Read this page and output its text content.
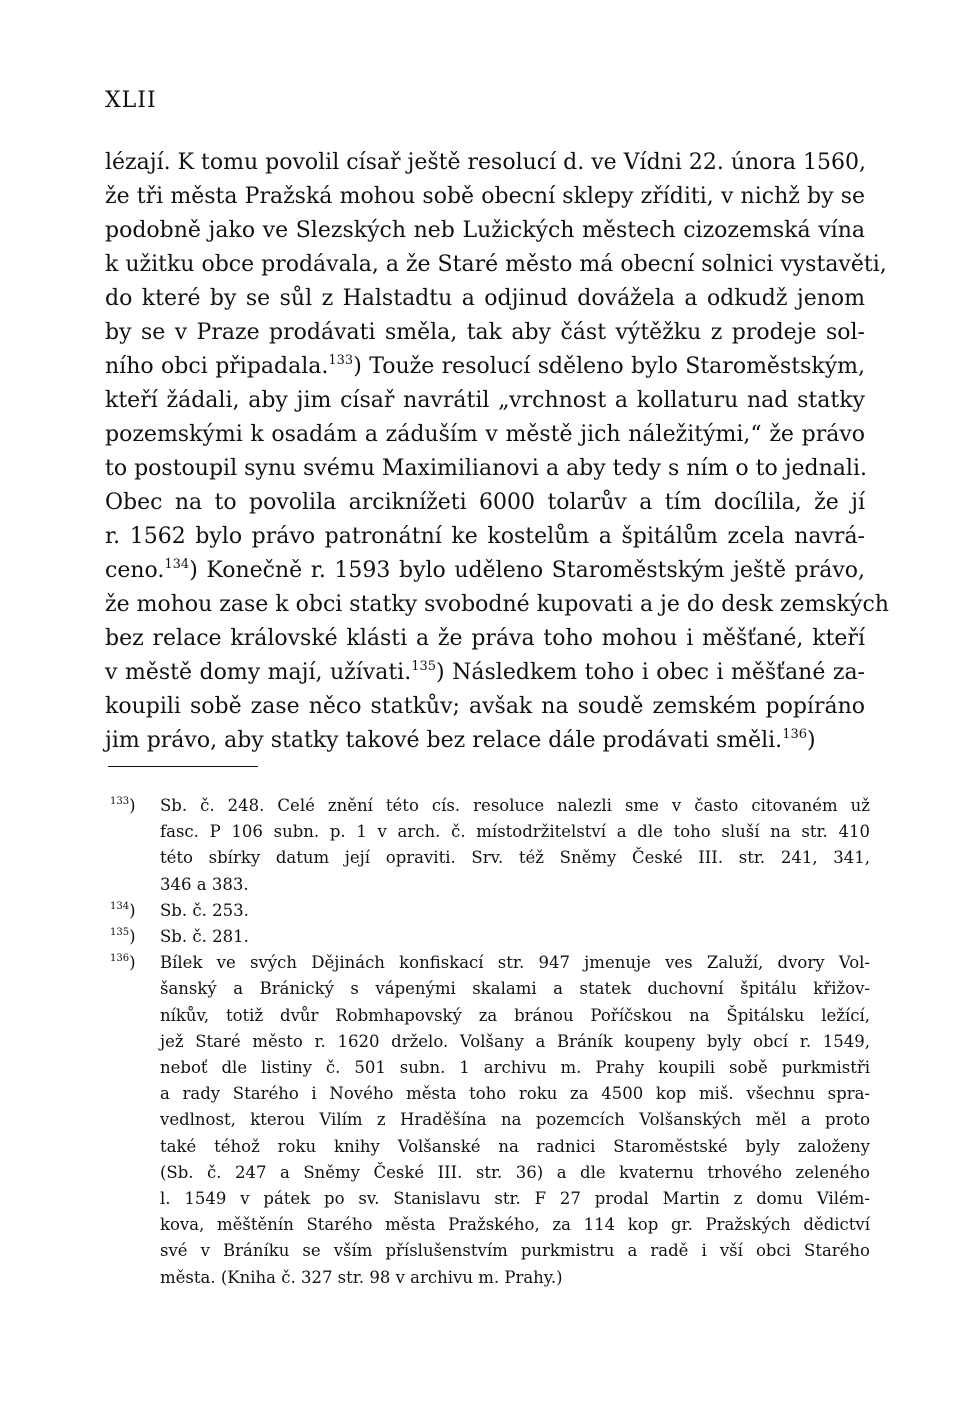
XLII
lézají. K tomu povolil císař ještě resolucí d. ve Vídni 22. února 1560,
že tři města Pražská mohou sobě obecní sklepy zříditi, v nichž by se
podobně jako ve Slezských neb Lužických městech cizozemská vína
k užitku obce prodávala, a že Staré město má obecní solnici vystavěti,
do které by se sůl z Halstadtu a odjinud dovážela a odkudž jenom
by se v Praze prodávati směla, tak aby část výtěžku z prodeje sol-
ního obci připadala.$^{133}$) Touže resolucí sděleno bylo Staroměstským,
kteří žádali, aby jim císař navrátil „vrchnost a kollaturu nad statky
pozemskými k osadám a záduším v městě jich náležitými,“ že právo
to postoupil synu svému Maximilianovi a aby tedy s ním o to jednali.
Obec na to povolila arciknížeti 6000 tolarův a tím docílila, že jí
r. 1562 bylo právo patronátní ke kostelům a špitálům zcela navrá-
ceno.$^{134}$) Konečně r. 1593 bylo uděleno Staroměstským ještě právo,
že mohou zase k obci statky svobodné kupovati a je do desk zemských
bez relace královské klásti a že práva toho mohou i měšťané, kteří
v městě domy mají, užívati.$^{135}$) Následkem toho i obec i měšťané za-
koupili sobě zase něco statkův; avšak na soudě zemském popíráno
jim právo, aby statky takové bez relace dále prodávati směli.$^{136}$)
$^{133}$)	Sb. č. 248. Celé znění této cís. resoluce nalezli sme v často citovaném už
fasc. P 106 subn. p. 1 v arch. č. místodržitelství a dle toho sluší na str. 410
této sbírky datum její opraviti. Srv. též Sněmy České III. str. 241, 341,
346 a 383.
$^{134}$)	Sb. č. 253.
$^{135}$)	Sb. č. 281.
$^{136}$)	Bílek ve svých Dějinách konfiskací str. 947 jmenuje ves Zaluží, dvory Vol-
šanský a Bránický s vápenými skalami a statek duchovní špitálu křižov-
níkův, totiž dvůr Robmhapovský za bránou Poříčskou na Špitálsku ležící,
jež Staré město r. 1620 drželo. Volšany a Bráník koupeny byly obcí r. 1549,
neboť dle listiny č. 501 subn. 1 archivu m. Prahy koupili sobě purkmistři
a rady Starého i Nového města toho roku za 4500 kop miš. všechnu spra-
vedlnost, kterou Vilím z Hraděšína na pozemcích Volšanských měl a proto
také téhož roku knihy Volšanské na radnici Staroměstské byly založeny
(Sb. č. 247 a Sněmy České III. str. 36) a dle kvaternu trhového zeleného
l. 1549 v pátek po sv. Stanislavu str. F 27 prodal Martin z domu Vilém-
kova, měštěnín Starého města Pražského, za 114 kop gr. Pražských dědictví
své v Bráníku se vším příslušenstvím purkmistru a radě i vší obci Starého
města. (Kniha č. 327 str. 98 v archivu m. Prahy.)
